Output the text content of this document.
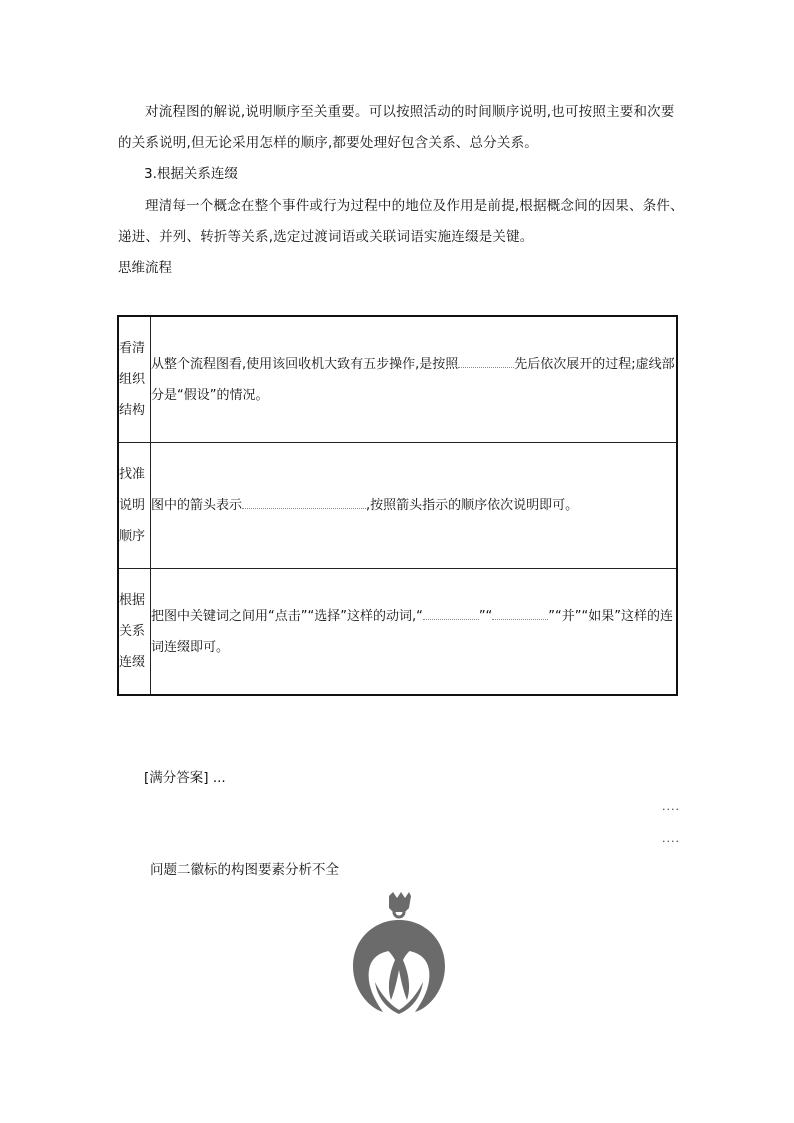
对流程图的解说,说明顺序至关重要。可以按照活动的时间顺序说明,也可按照主要和次要的关系说明,但无论采用怎样的顺序,都要处理好包含关系、总分关系。

3.根据关系连缀

理清每一个概念在整个事件或行为过程中的地位及作用是前提,根据概念间的因果、条件、递进、并列、转折等关系,选定过渡词语或关联词语实施连缀是关键。

思维流程

看清组织结构	从整个流程图看,使用该回收机大致有五步操作,是按照 先后依次展开的过程;虚线部分是“假设”的情况。
找准说明顺序	图中的箭头表示 ,按照箭头指示的顺序依次说明即可。
根据关系连缀	把图中关键词之间用“点击”“选择”这样的动词,“ ”“ ”“并”“如果”这样的连词连缀即可。

[满分答案] ...

....
....

问题二徽标的构图要素分析不全
